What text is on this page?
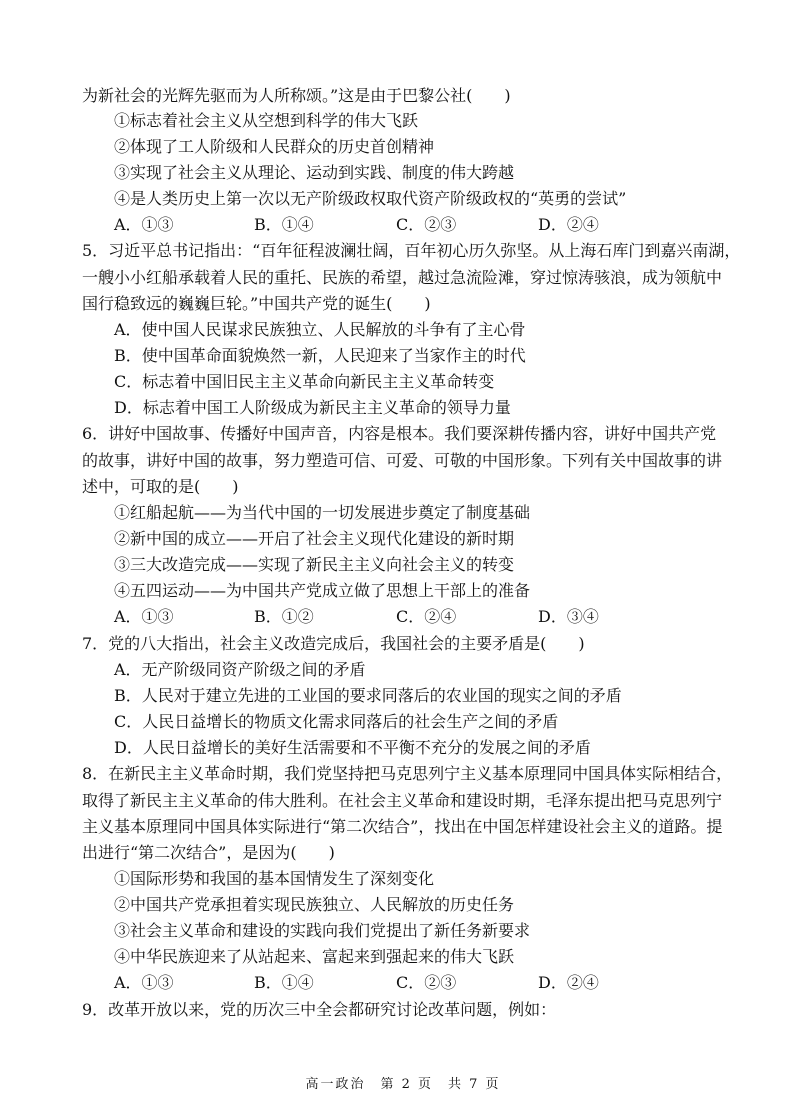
为新社会的光辉先驱而为人所称颂。”这是由于巴黎公社(　　)
①标志着社会主义从空想到科学的伟大飞跃
②体现了工人阶级和人民群众的历史首创精神
③实现了社会主义从理论、运动到实践、制度的伟大跨越
④是人类历史上第一次以无产阶级政权取代资产阶级政权的“英勇的尝试”
A．①③	B．①④	C．②③	D．②④
5．习近平总书记指出：“百年征程波澜壮阔，百年初心历久弥坚。从上海石库门到嘉兴南湖，
一艘小小红船承载着人民的重托、民族的希望，越过急流险滩，穿过惊涛骇浪，成为领航中
国行稳致远的巍巍巨轮。”中国共产党的诞生(　　)
A．使中国人民谋求民族独立、人民解放的斗争有了主心骨
B．使中国革命面貌焕然一新，人民迎来了当家作主的时代
C．标志着中国旧民主主义革命向新民主主义革命转变
D．标志着中国工人阶级成为新民主主义革命的领导力量
6．讲好中国故事、传播好中国声音，内容是根本。我们要深耕传播内容，讲好中国共产党
的故事，讲好中国的故事，努力塑造可信、可爱、可敬的中国形象。下列有关中国故事的讲
述中，可取的是(　　)
①红船起航——为当代中国的一切发展进步奠定了制度基础
②新中国的成立——开启了社会主义现代化建设的新时期
③三大改造完成——实现了新民主主义向社会主义的转变
④五四运动——为中国共产党成立做了思想上干部上的准备
A．①③	B．①②	C．②④	D．③④
7．党的八大指出，社会主义改造完成后，我国社会的主要矛盾是(　　)
A．无产阶级同资产阶级之间的矛盾
B．人民对于建立先进的工业国的要求同落后的农业国的现实之间的矛盾
C．人民日益增长的物质文化需求同落后的社会生产之间的矛盾
D．人民日益增长的美好生活需要和不平衡不充分的发展之间的矛盾
8．在新民主主义革命时期，我们党坚持把马克思列宁主义基本原理同中国具体实际相结合，
取得了新民主主义革命的伟大胜利。在社会主义革命和建设时期，毛泽东提出把马克思列宁
主义基本原理同中国具体实际进行“第二次结合”，找出在中国怎样建设社会主义的道路。提
出进行“第二次结合”，是因为(　　)
①国际形势和我国的基本国情发生了深刻变化
②中国共产党承担着实现民族独立、人民解放的历史任务
③社会主义革命和建设的实践向我们党提出了新任务新要求
④中华民族迎来了从站起来、富起来到强起来的伟大飞跃
A．①③	B．①④	C．②③	D．②④
9．改革开放以来，党的历次三中全会都研究讨论改革问题，例如：
高一政治　第 2 页　共 7 页
